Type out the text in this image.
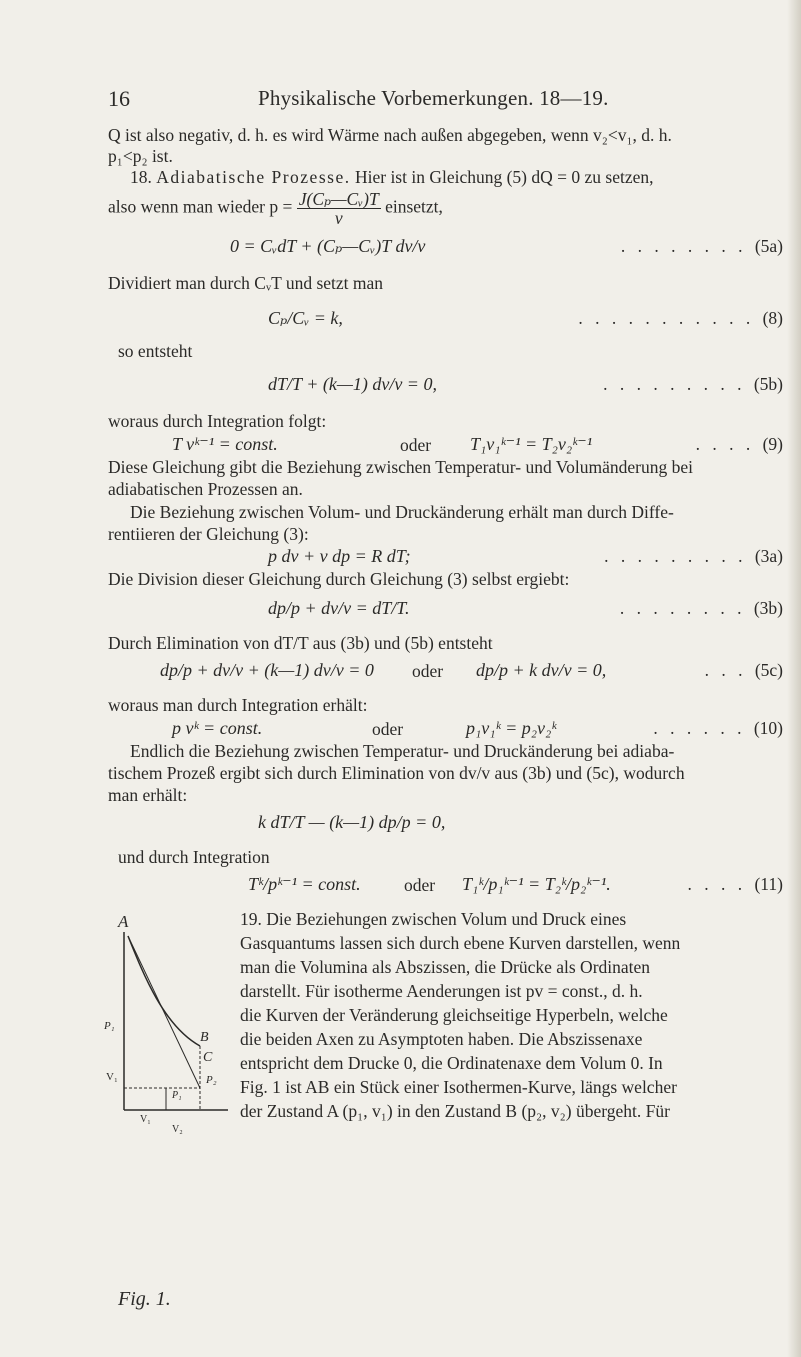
16	Physikalische Vorbemerkungen. 18—19.
Q ist also negativ, d. h. es wird Wärme nach außen abgegeben, wenn v₂<v₁, d. h.
p₁<p₂ ist.
18. Adiabatische Prozesse. Hier ist in Gleichung (5) dQ = 0 zu setzen,
also wenn man wieder $p = \frac{\text{J(Cₚ—Cᵥ)T}}{v}$ einsetzt,
0 = CᵥdT + (Cₚ—Cᵥ)T dv/v	. . . . . . . . (5a)
Dividiert man durch CᵥT und setzt man
Cₚ/Cᵥ = k,	. . . . . . . . . . . (8)
so entsteht
dT/T + (k—1) dv/v = 0,	. . . . . . . . . (5b)
woraus durch Integration folgt:
T vᵏ⁻¹ = const.	oder T₁v₁ᵏ⁻¹ = T₂v₂ᵏ⁻¹	. . . . (9)
Diese Gleichung gibt die Beziehung zwischen Temperatur- und Volumänderung bei
adiabatischen Prozessen an.
Die Beziehung zwischen Volum- und Druckänderung erhält man durch Diffe-
rentiieren der Gleichung (3):
p dv + v dp = R dT;	. . . . . . . . . (3a)
Die Division dieser Gleichung durch Gleichung (3) selbst ergiebt:
dp/p + dv/v = dT/T.	. . . . . . . . (3b)
Durch Elimination von dT/T aus (3b) und (5b) entsteht
dp/p + dv/v + (k—1) dv/v = 0 oder dp/p + k dv/v = 0,	. . . (5c)
woraus man durch Integration erhält:
p vᵏ = const.	oder	p₁v₁ᵏ = p₂v₂ᵏ	. . . . . . (10)
Endlich die Beziehung zwischen Temperatur- und Druckänderung bei adiaba-
tischem Prozeß ergibt sich durch Elimination von dv/v aus (3b) und (5c), wodurch
man erhält:
k dT/T — (k—1) dp/p = 0,
und durch Integration
Tᵏ/pᵏ⁻¹ = const. oder T₁ᵏ/p₁ᵏ⁻¹ = T₂ᵏ/p₂ᵏ⁻¹.	. . . . (11)
19. Die Beziehungen zwischen Volum und Druck eines
Gasquantums lassen sich durch ebene Kurven darstellen, wenn
man die Volumina als Abszissen, die Drücke als Ordinaten
darstellt. Für isotherme Aenderungen ist pv = const., d. h.
die Kurven der Veränderung gleichseitige Hyperbeln, welche
die beiden Axen zu Asymptoten haben. Die Abszissenaxe
entspricht dem Drucke 0, die Ordinatenaxe dem Volum 0. In
Fig. 1 ist AB ein Stück einer Isothermen-Kurve, längs welcher
der Zustand A (p₁, v₁) in den Zustand B (p₂, v₂) übergeht. Für
V₁
V₁
V₂
A
B
C
P₁
P₂
P₁
Fig. 1.
